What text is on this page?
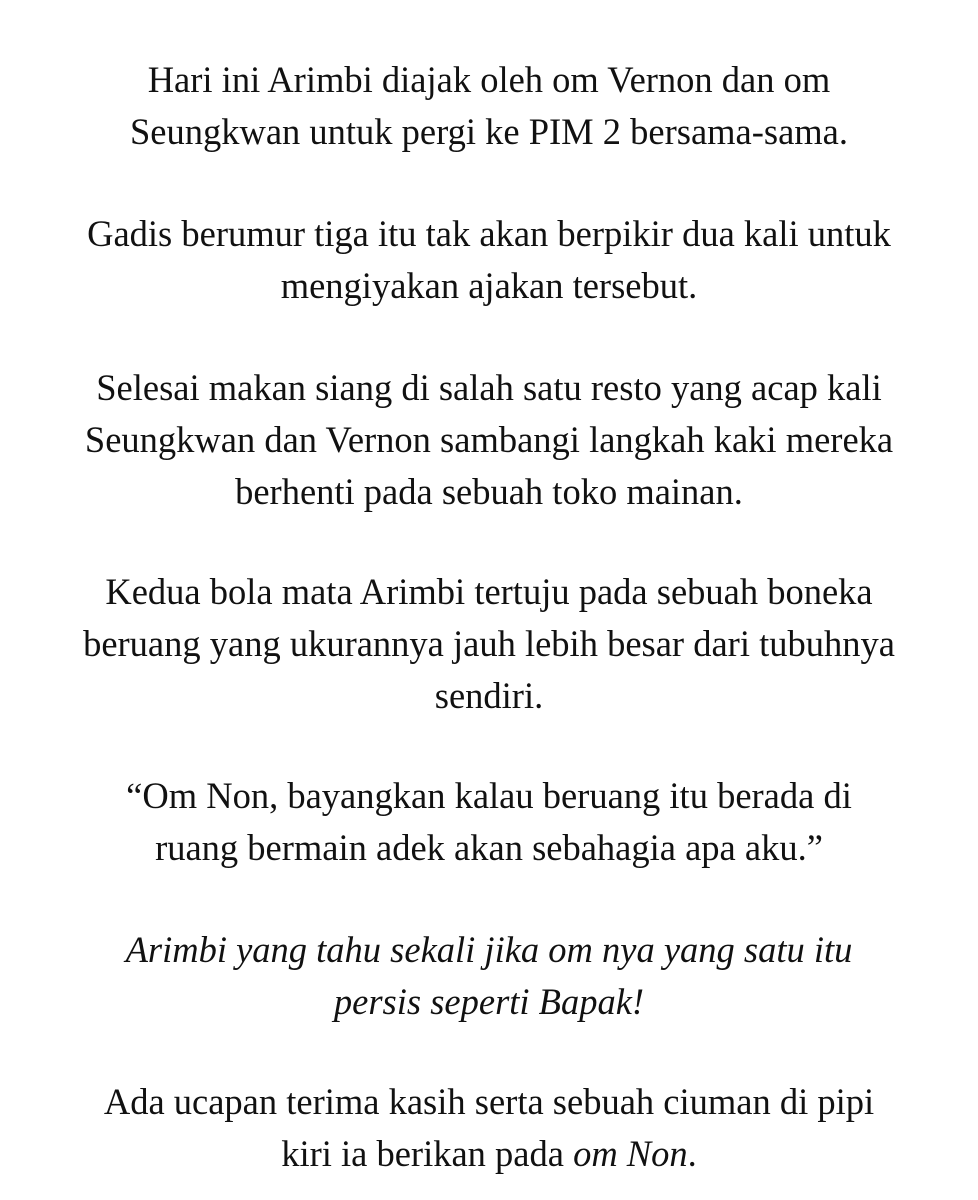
Hari ini Arimbi diajak oleh om Vernon dan om
Seungkwan untuk pergi ke PIM 2 bersama-sama.

Gadis berumur tiga itu tak akan berpikir dua kali untuk
mengiyakan ajakan tersebut.

Selesai makan siang di salah satu resto yang acap kali
Seungkwan dan Vernon sambangi langkah kaki mereka
berhenti pada sebuah toko mainan.

Kedua bola mata Arimbi tertuju pada sebuah boneka
beruang yang ukurannya jauh lebih besar dari tubuhnya
sendiri.

“Om Non, bayangkan kalau beruang itu berada di
ruang bermain adek akan sebahagia apa aku.”

Arimbi yang tahu sekali jika om nya yang satu itu
persis seperti Bapak!

Ada ucapan terima kasih serta sebuah ciuman di pipi
kiri ia berikan pada om Non.
